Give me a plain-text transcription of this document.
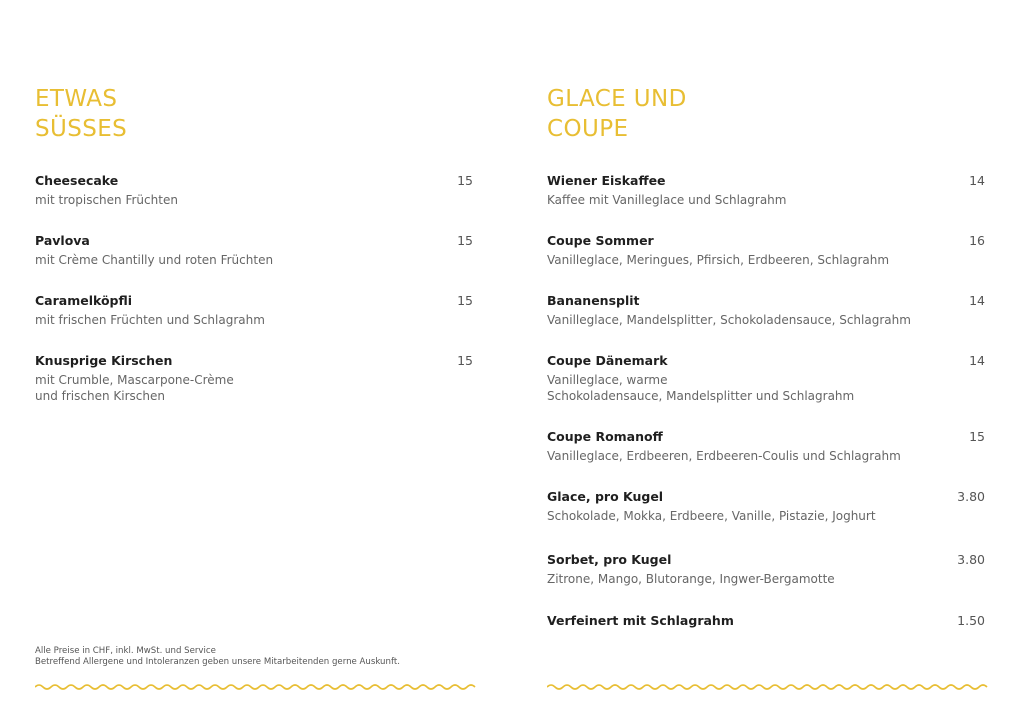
ETWAS
SÜSSES
Cheesecake	15
mit tropischen Früchten
Pavlova	15
mit Crème Chantilly und roten Früchten
Caramelköpfli	15
mit frischen Früchten und Schlagrahm
Knusprige Kirschen	15
mit Crumble, Mascarpone-Crème
und frischen Kirschen
Alle Preise in CHF, inkl. MwSt. und Service
Betreffend Allergene und Intoleranzen geben unsere Mitarbeitenden gerne Auskunft.
GLACE UND
COUPE
Wiener Eiskaffee	14
Kaffee mit Vanilleglace und Schlagrahm
Coupe Sommer	16
Vanilleglace, Meringues, Pfirsich, Erdbeeren, Schlagrahm
Bananensplit	14
Vanilleglace, Mandelsplitter, Schokoladensauce, Schlagrahm
Coupe Dänemark	14
Vanilleglace, warme
Schokoladensauce, Mandelsplitter und Schlagrahm
Coupe Romanoff	15
Vanilleglace, Erdbeeren, Erdbeeren-Coulis und Schlagrahm
Glace, pro Kugel	3.80
Schokolade, Mokka, Erdbeere, Vanille, Pistazie, Joghurt
Sorbet, pro Kugel	3.80
Zitrone, Mango, Blutorange, Ingwer-Bergamotte
Verfeinert mit Schlagrahm	1.50
